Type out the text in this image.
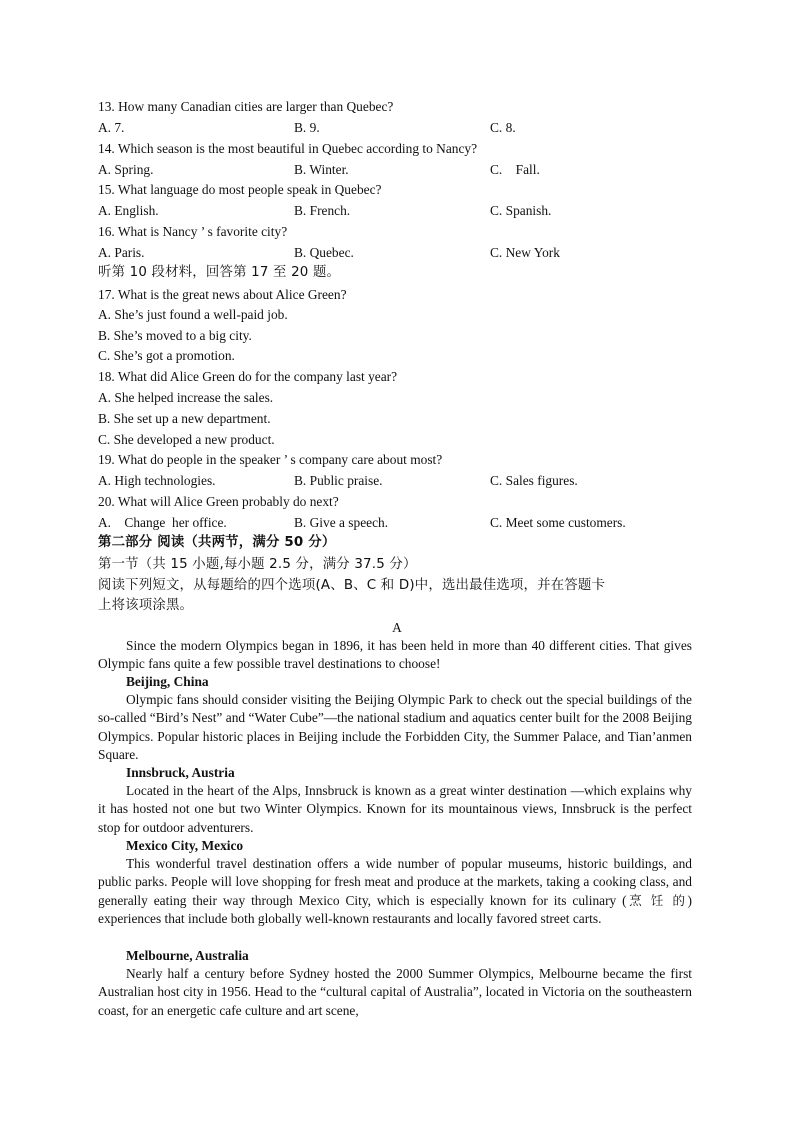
13. How many Canadian cities are larger than Quebec?
A. 7.	B. 9.	C. 8.
14. Which season is the most beautiful in Quebec according to Nancy?
A. Spring.	B. Winter.	C.    Fall.
15. What language do most people speak in Quebec?
A. English.	B. French.	C. Spanish.
16. What is Nancy ’ s favorite city?
A. Paris.	B. Quebec.	C. New York
听第 10 段材料，回答第 17 至 20 题。
17. What is the great news about Alice Green?
A. She’s just found a well-paid job.
B. She’s moved to a big city.
C. She’s got a promotion.
18. What did Alice Green do for the company last year?
A. She helped increase the sales.
B. She set up a new department.
C. She developed a new product.
19. What do people in the speaker ’ s company care about most?
A. High technologies.	B. Public praise.	C. Sales figures.
20. What will Alice Green probably do next?
A.    Change  her office.	B. Give a speech.	C. Meet some customers.
第二部分 阅读（共两节，满分 50 分）
第一节（共 15 小题,每小题 2.5 分，满分 37.5 分）
阅读下列短文，从每题给的四个选项(A、B、C 和 D)中，选出最佳选项，并在答题卡
上将该项涂黑。
A
Since the modern Olympics began in 1896, it has been held in more than 40 different cities. That gives Olympic fans quite a few possible travel destinations to choose!
Beijing, China
Olympic fans should consider visiting the Beijing Olympic Park to check out the special buildings of the so-called “Bird’s Nest” and “Water Cube”—the national stadium and aquatics center built for the 2008 Beijing Olympics. Popular historic places in Beijing include the Forbidden City, the Summer Palace, and Tian’anmen Square.
Innsbruck, Austria
Located in the heart of the Alps, Innsbruck is known as a great winter destination —which explains why it has hosted not one but two Winter Olympics. Known for its mountainous views, Innsbruck is the perfect stop for outdoor adventurers.
Mexico City, Mexico
This wonderful travel destination offers a wide number of popular museums, historic buildings, and public parks. People will love shopping for fresh meat and produce at the markets, taking a cooking class, and generally eating their way through Mexico City, which is especially known for its culinary (烹 饪 的) experiences that include both globally well-known restaurants and locally favored street carts.
Melbourne, Australia
Nearly half a century before Sydney hosted the 2000 Summer Olympics, Melbourne became the first Australian host city in 1956. Head to the “cultural capital of Australia”, located in Victoria on the southeastern coast, for an energetic cafe culture and art scene,
